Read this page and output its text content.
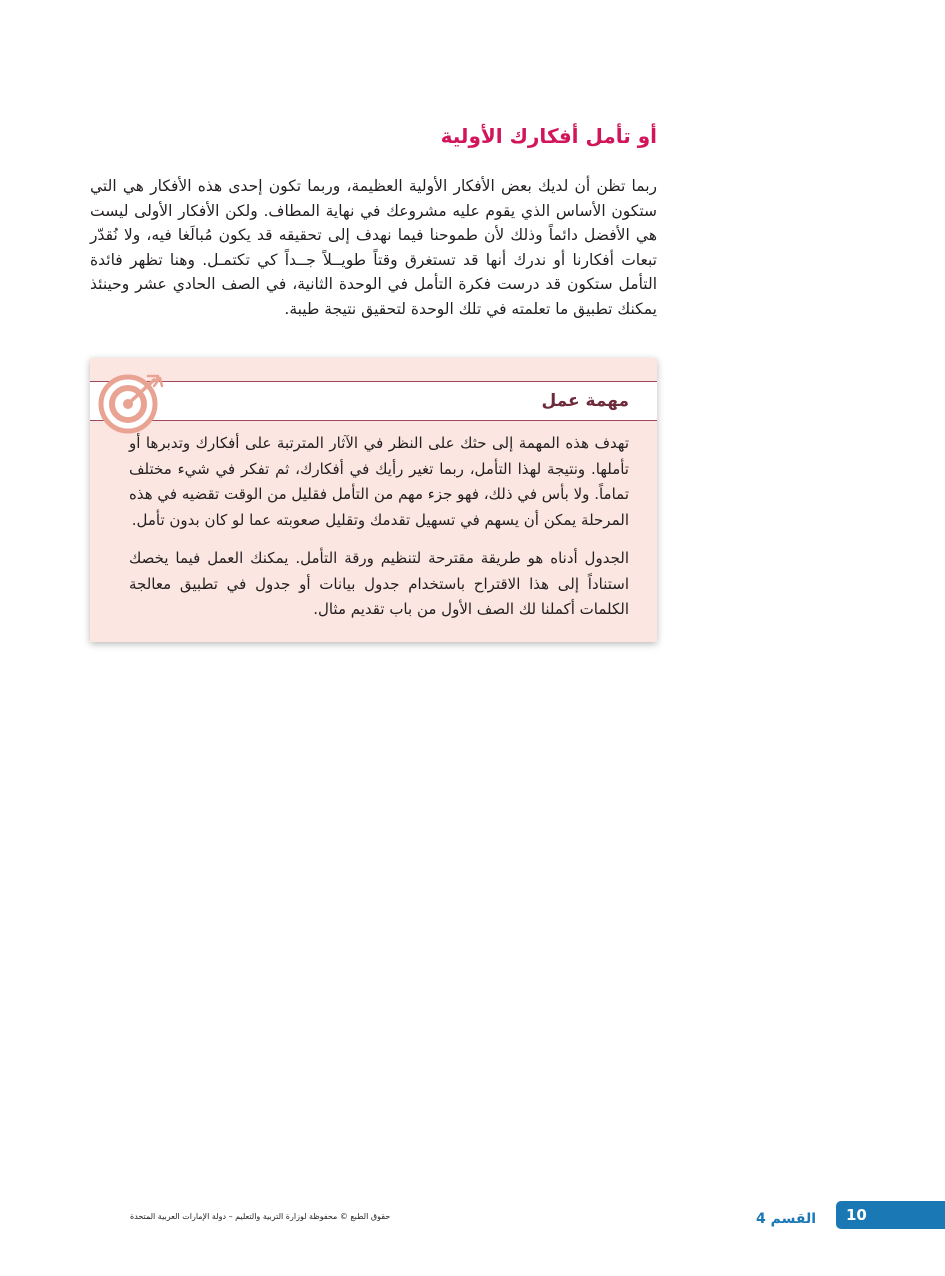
أو تأمل أفكارك الأولية

ربما تظن أن لديك بعض الأفكار الأولية العظيمة، وربما تكون إحدى هذه الأفكار هي التي ستكون الأساس الذي يقوم عليه مشروعك في نهاية المطاف. ولكن الأفكار الأولى ليست هي الأفضل دائماً وذلك لأن طموحنا فيما نهدف إلى تحقيقه قد يكون مُبالَغا فيه، ولا نُقدّر تبعات أفكارنا أو ندرك أنها قد تستغرق وقتاً طويــلاً جــداً كي تكتمـل. وهنا تظهر فائدة التأمل ستكون قد درست فكرة التأمل في الوحدة الثانية، في الصف الحادي عشر وحينئذ يمكنك تطبيق ما تعلمته في تلك الوحدة لتحقيق نتيجة طيبة.

مهمة عمل

تهدف هذه المهمة إلى حثك على النظر في الآثار المترتبة على أفكارك وتدبرها أو تأملها. ونتيجة لهذا التأمل، ربما تغير رأيك في أفكارك، ثم تفكر في شيء مختلف تماماً. ولا بأس في ذلك، فهو جزء مهم من التأمل فقليل من الوقت تقضيه في هذه المرحلة يمكن أن يسهم في تسهيل تقدمك وتقليل صعوبته عما لو كان بدون تأمل.

الجدول أدناه هو طريقة مقترحة لتنظيم ورقة التأمل. يمكنك العمل فيما يخصك استناداً إلى هذا الاقتراح باستخدام جدول بيانات أو جدول في تطبيق معالجة الكلمات أكملنا لك الصف الأول من باب تقديم مثال.

حقوق الطبع © محفوظة لوزارة التربية والتعليم – دولة الإمارات العربية المتحدة	القسم 4 10
